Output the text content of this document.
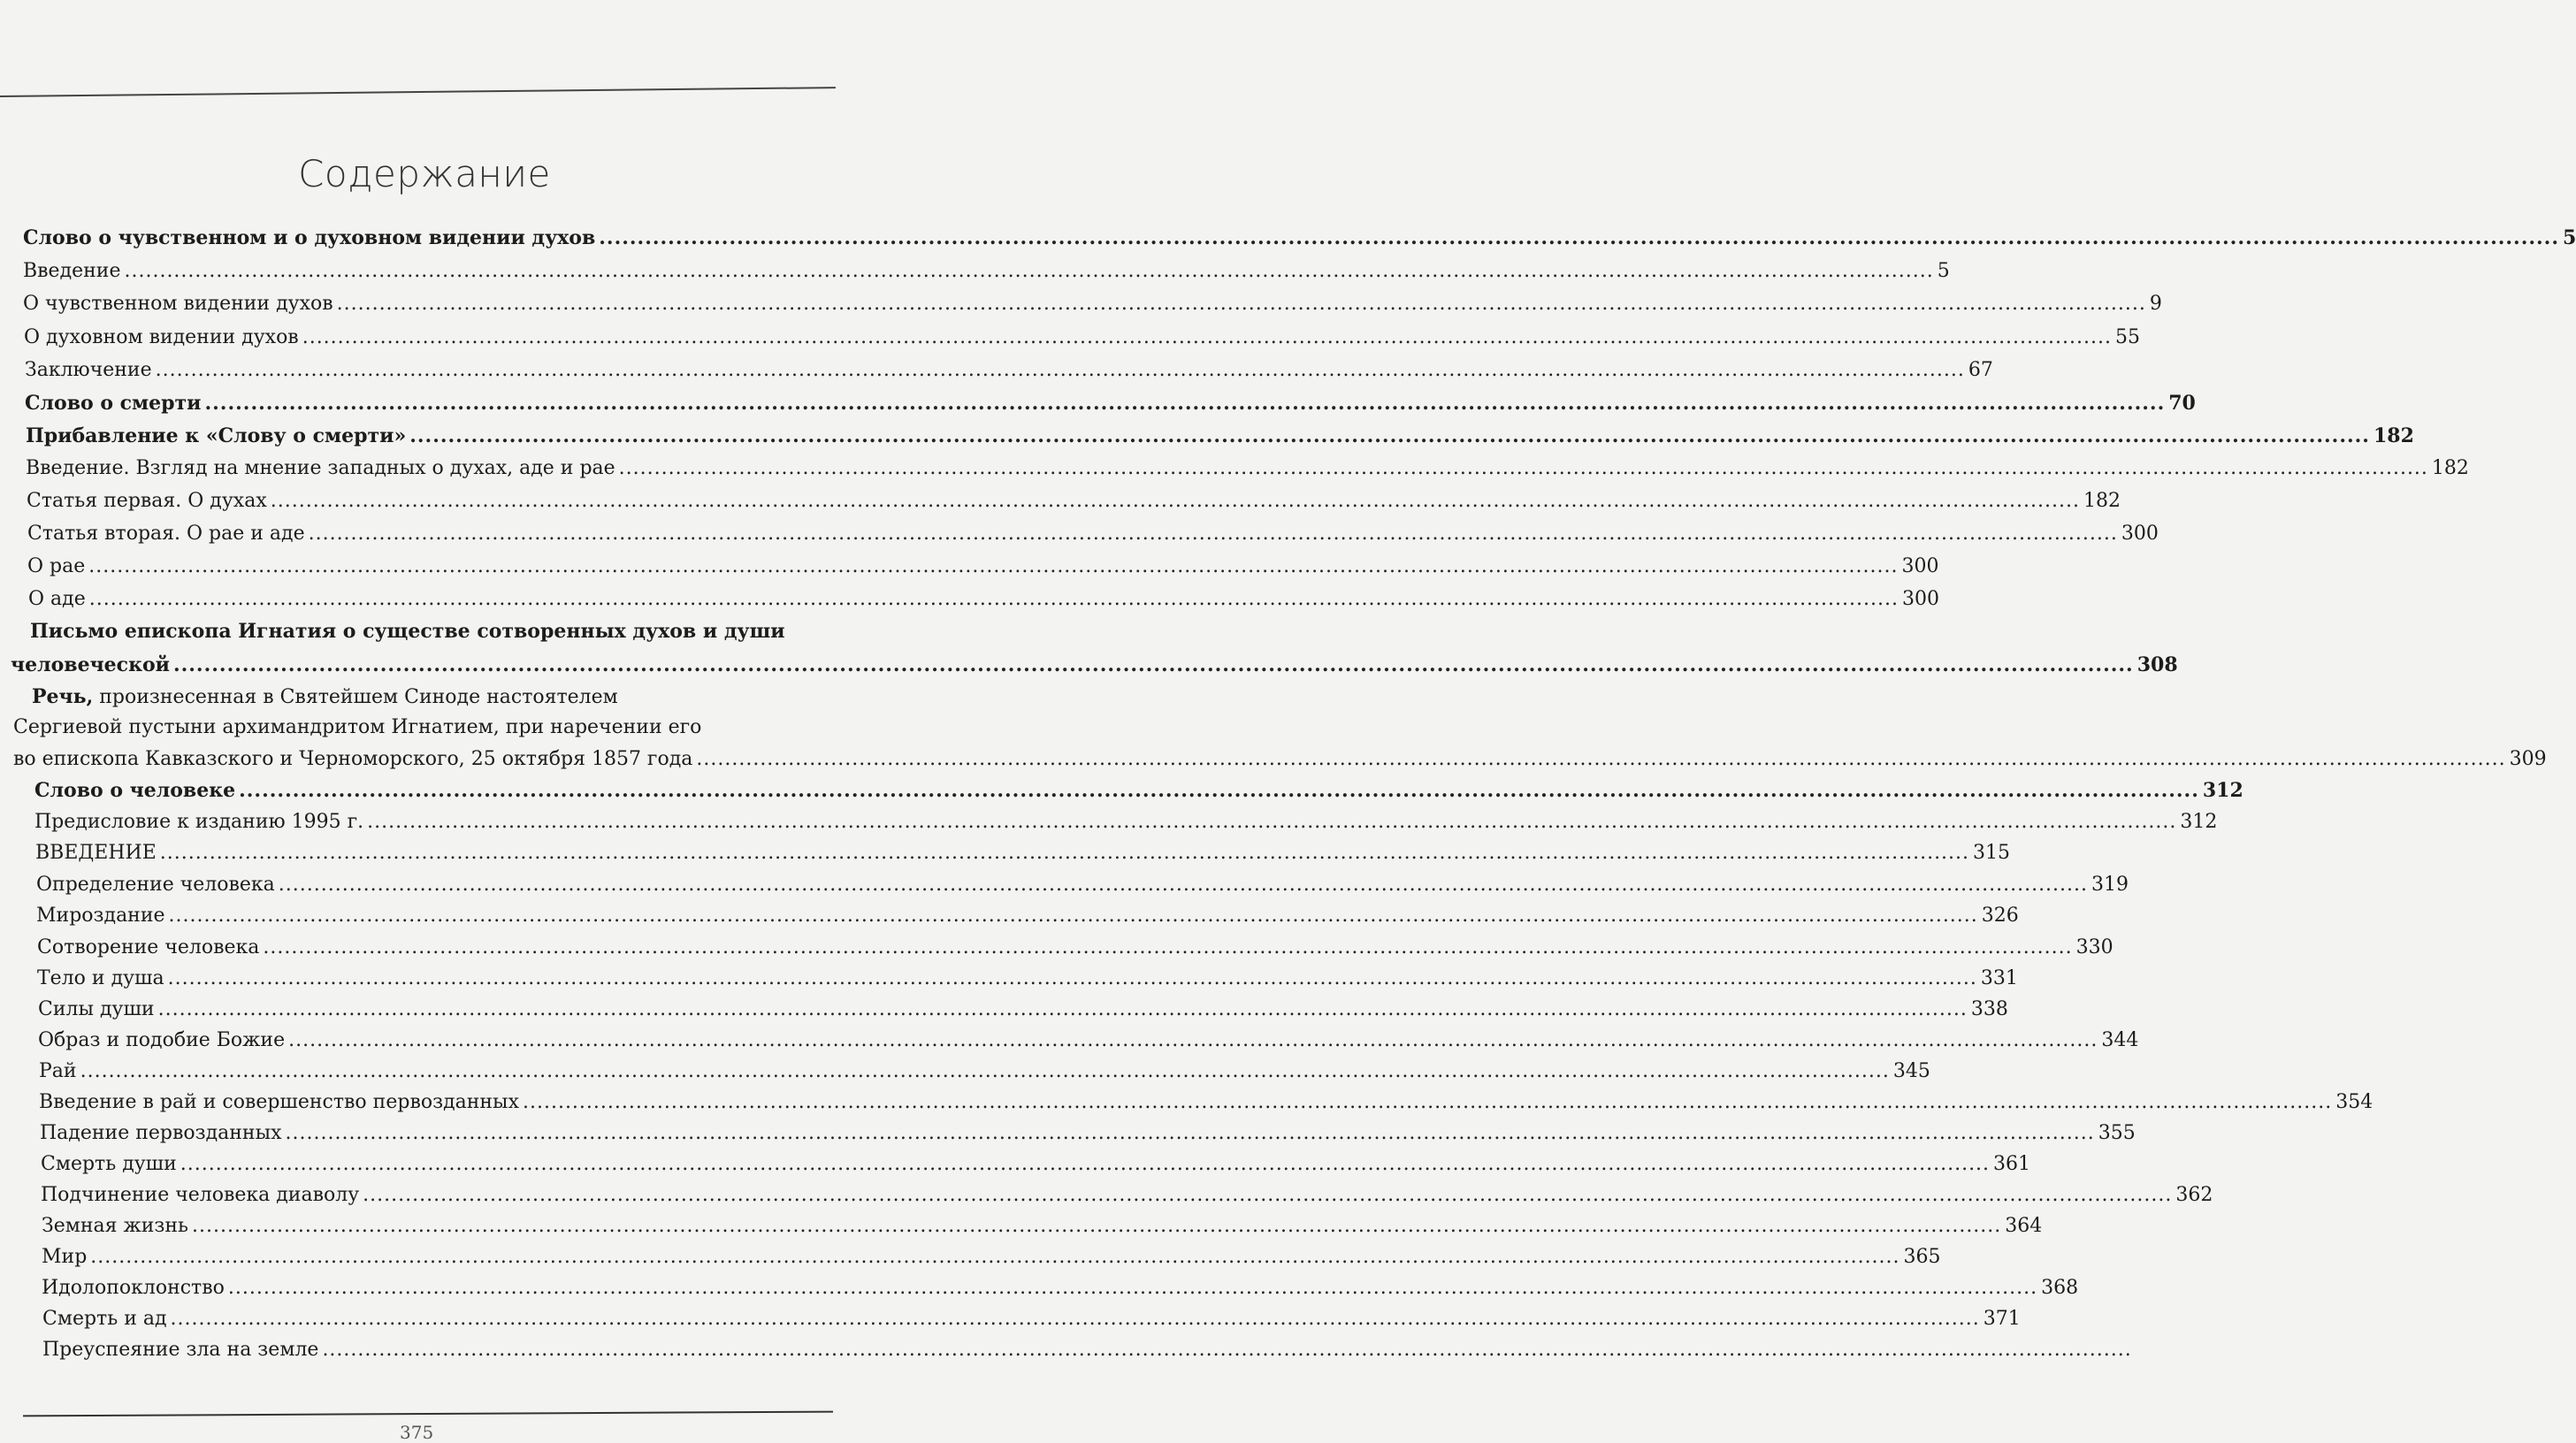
Содержание
Слово о чувственном и о духовном видении духов ................................................................................................................................................................................................................................................................ 5
Введение ................................................................................................................................................................................................................................................................ 5
О чувственном видении духов ................................................................................................................................................................................................................................................................ 9
О духовном видении духов ................................................................................................................................................................................................................................................................ 55
Заключение ................................................................................................................................................................................................................................................................ 67
Слово о смерти ................................................................................................................................................................................................................................................................ 70
Прибавление к «Слову о смерти» ................................................................................................................................................................................................................................................................ 182
Введение. Взгляд на мнение западных о духах, аде и рае ................................................................................................................................................................................................................................................................ 182
Статья первая. О духах ................................................................................................................................................................................................................................................................ 182
Статья вторая. О рае и аде ................................................................................................................................................................................................................................................................ 300
О рае ................................................................................................................................................................................................................................................................ 300
О аде ................................................................................................................................................................................................................................................................ 300
Письмо епископа Игнатия о существе сотворенных духов и души
человеческой ................................................................................................................................................................................................................................................................ 308
Речь, произнесенная в Святейшем Синоде настоятелем
Сергиевой пустыни архимандритом Игнатием, при наречении его
во епископа Кавказского и Черноморского, 25 октября 1857 года ................................................................................................................................................................................................................................................................ 309
Слово о человеке ................................................................................................................................................................................................................................................................ 312
Предисловие к изданию 1995 г. ................................................................................................................................................................................................................................................................ 312
ВВЕДЕНИЕ ................................................................................................................................................................................................................................................................ 315
Определение человека ................................................................................................................................................................................................................................................................ 319
Мироздание ................................................................................................................................................................................................................................................................ 326
Сотворение человека ................................................................................................................................................................................................................................................................ 330
Тело и душа ................................................................................................................................................................................................................................................................ 331
Силы души ................................................................................................................................................................................................................................................................ 338
Образ и подобие Божие ................................................................................................................................................................................................................................................................ 344
Рай ................................................................................................................................................................................................................................................................ 345
Введение в рай и совершенство первозданных ................................................................................................................................................................................................................................................................ 354
Падение первозданных ................................................................................................................................................................................................................................................................ 355
Смерть души ................................................................................................................................................................................................................................................................ 361
Подчинение человека диаволу ................................................................................................................................................................................................................................................................ 362
Земная жизнь ................................................................................................................................................................................................................................................................ 364
Мир ................................................................................................................................................................................................................................................................ 365
Идолопоклонство ................................................................................................................................................................................................................................................................ 368
Смерть и ад ................................................................................................................................................................................................................................................................ 371
Преуспеяние зла на земле ................................................................................................................................................................................................................................................................
375
